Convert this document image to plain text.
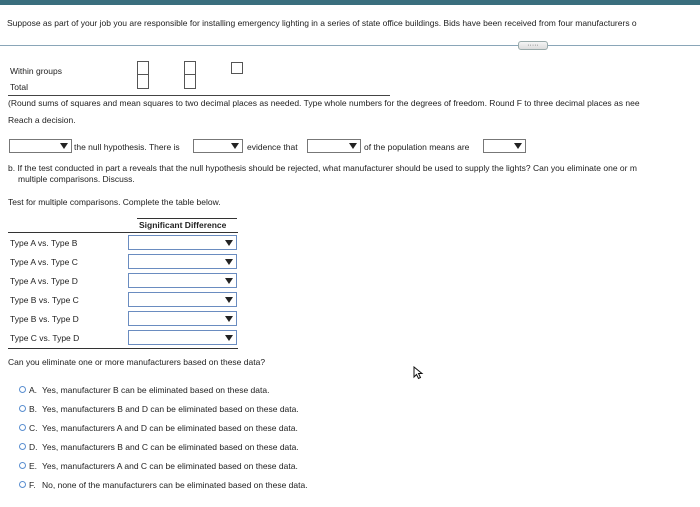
Suppose as part of your job you are responsible for installing emergency lighting in a series of state office buildings. Bids have been received from four manufacturers o
·····
Within groups
Total
(Round sums of squares and mean squares to two decimal places as needed. Type whole numbers for the degrees of freedom. Round F to three decimal places as nee
Reach a decision.
the null hypothesis. There is	evidence that	of the population means are
b. If the test conducted in part a reveals that the null hypothesis should be rejected, what manufacturer should be used to supply the lights? Can you eliminate one or m
multiple comparisons. Discuss.
Test for multiple comparisons. Complete the table below.
Significant Difference
Type A vs. Type B
Type A vs. Type C
Type A vs. Type D
Type B vs. Type C
Type B vs. Type D
Type C vs. Type D
Can you eliminate one or more manufacturers based on these data?
A. Yes, manufacturer B can be eliminated based on these data.
B. Yes, manufacturers B and D can be eliminated based on these data.
C. Yes, manufacturers A and D can be eliminated based on these data.
D. Yes, manufacturers B and C can be eliminated based on these data.
E. Yes, manufacturers A and C can be eliminated based on these data.
F. No, none of the manufacturers can be eliminated based on these data.
